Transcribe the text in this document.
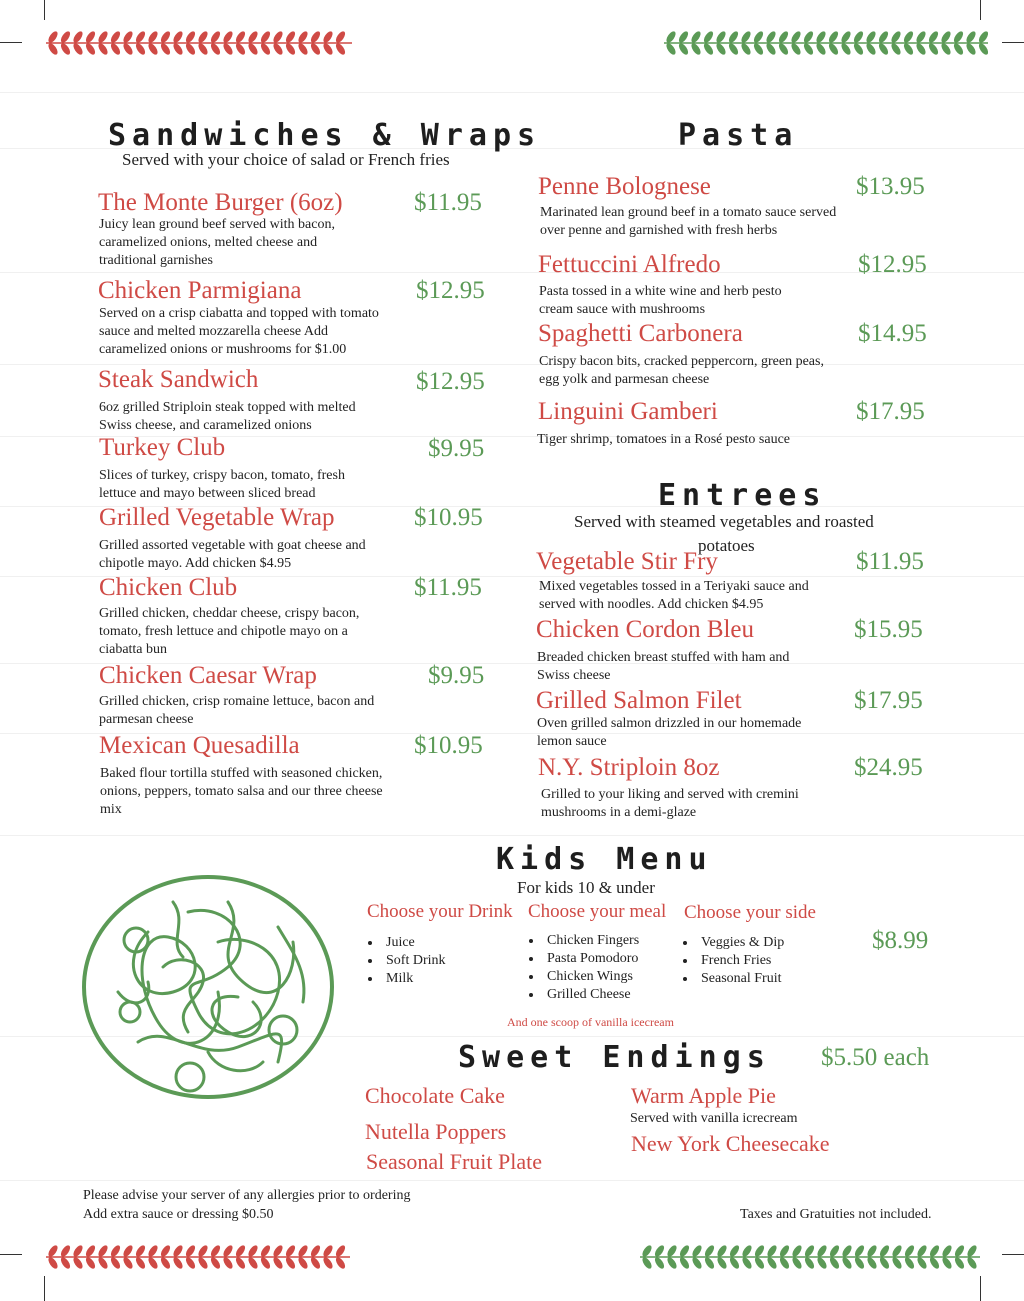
Sandwiches & Wraps
Served with your choice of salad or French fries
The Monte Burger (6oz)	$11.95
Juicy lean ground beef served with bacon, caramelized onions, melted cheese and traditional garnishes
Chicken Parmigiana	$12.95
Served on a crisp ciabatta and topped with tomato sauce and melted mozzarella cheese Add caramelized onions or mushrooms for $1.00
Steak Sandwich	$12.95
6oz grilled Striploin steak topped with melted Swiss cheese, and caramelized onions
Turkey Club	$9.95
Slices of turkey, crispy bacon, tomato, fresh lettuce and mayo between sliced bread
Grilled Vegetable Wrap	$10.95
Grilled assorted vegetable with goat cheese and chipotle mayo. Add chicken $4.95
Chicken Club	$11.95
Grilled chicken, cheddar cheese, crispy bacon, tomato, fresh lettuce and chipotle mayo on a ciabatta bun
Chicken Caesar Wrap	$9.95
Grilled chicken, crisp romaine lettuce, bacon and parmesan cheese
Mexican Quesadilla	$10.95
Baked flour tortilla stuffed with seasoned chicken, onions, peppers, tomato salsa and our three cheese mix
Pasta
Penne Bolognese	$13.95
Marinated lean ground beef in a tomato sauce served over penne and garnished with fresh herbs
Fettuccini Alfredo	$12.95
Pasta tossed in a white wine and herb pesto cream sauce with mushrooms
Spaghetti Carbonera	$14.95
Crispy bacon bits, cracked peppercorn, green peas, egg yolk and parmesan cheese
Linguini Gamberi	$17.95
Tiger shrimp, tomatoes in a Rosé pesto sauce
Entrees
Served with steamed vegetables and roasted
potatoes
Vegetable Stir Fry	$11.95
Mixed vegetables tossed in a Teriyaki sauce and served with noodles. Add chicken $4.95
Chicken Cordon Bleu	$15.95
Breaded chicken breast stuffed with ham and Swiss cheese
Grilled Salmon Filet	$17.95
Oven grilled salmon drizzled in our homemade lemon sauce
N.Y. Striploin 8oz	$24.95
Grilled to your liking and served with cremini mushrooms in a demi-glaze
Kids Menu
For kids 10 & under
Choose your Drink Choose your meal Choose your side
• Juice
• Soft Drink
• Milk
• Chicken Fingers
• Pasta Pomodoro
• Chicken Wings
• Grilled Cheese
• Veggies & Dip
• French Fries
• Seasonal Fruit
$8.99
And one scoop of vanilla icecream
Sweet Endings $5.50 each
Chocolate Cake
Nutella Poppers
Seasonal Fruit Plate
Warm Apple Pie
Served with vanilla icrecream
New York Cheesecake
Please advise your server of any allergies prior to ordering
Add extra sauce or dressing $0.50	Taxes and Gratuities not included.
